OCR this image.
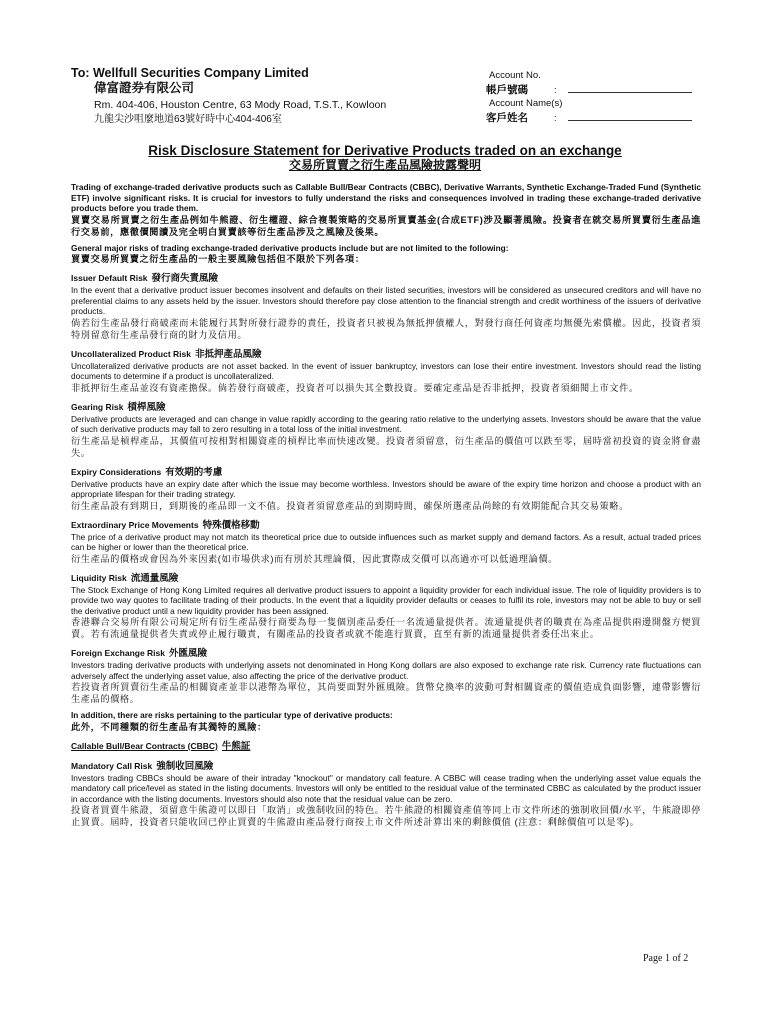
To: Wellfull Securities Company Limited
偉富證券有限公司
Rm. 404-406, Houston Centre, 63 Mody Road, T.S.T., Kowloon
九龍尖沙咀麼地道63號好時中心404-406室
Account No.
帳戶號碼	:
Account Name(s)
客戶姓名	:
Risk Disclosure Statement for Derivative Products traded on an exchange
交易所買賣之衍生產品風險披露聲明
Trading of exchange-traded derivative products such as Callable Bull/Bear Contracts (CBBC), Derivative Warrants, Synthetic Exchange-Traded Fund (Synthetic ETF) involve significant risks. It is crucial for investors to fully understand the risks and consequences involved in trading these exchange-traded derivative products before you trade them.
買賣交易所買賣之衍生產品例如牛熊證、衍生權證、綜合複製策略的交易所買賣基金(合成ETF)涉及顯著風險。投資者在就交易所買賣衍生產品進行交易前，應徹價閱讀及完全明白買賣該等衍生產品涉及之風險及後果。
General major risks of trading exchange-traded derivative products include but are not limited to the following:
買賣交易所買賣之衍生產品的一般主要風險包括但不限於下列各項：
Issuer Default Risk 發行商失責風險
In the event that a derivative product issuer becomes insolvent and defaults on their listed securities, investors will be considered as unsecured creditors and will have no preferential claims to any assets held by the issuer. Investors should therefore pay close attention to the financial strength and credit worthiness of the issuers of derivative products.
倘若衍生產品發行商破產而未能履行其對所發行證券的責任，投資者只被視為無抵押債權人，對發行商任何資產均無優先索償權。因此，投資者須特別留意衍生產品發行商的財力及信用。
Uncollateralized Product Risk 非抵押產品風險
Uncollateralized derivative products are not asset backed. In the event of issuer bankruptcy, investors can lose their entire investment. Investors should read the listing documents to determine if a product is uncollateralized.
非抵押衍生產品並沒有資產擔保。倘若發行商破產，投資者可以損失其全數投資。要確定產品是否非抵押，投資者須細閱上市文件。
Gearing Risk 槓桿風險
Derivative products are leveraged and can change in value rapidly according to the gearing ratio relative to the underlying assets. Investors should be aware that the value of such derivative products may fall to zero resulting in a total loss of the initial investment.
衍生產品是槓桿產品，其價值可按相對相關資產的槓桿比率而快速改變。投資者須留意，衍生產品的價值可以跌至零，屆時當初投資的資金將會盡失。
Expiry Considerations 有效期的考慮
Derivative products have an expiry date after which the issue may become worthless. Investors should be aware of the expiry time horizon and choose a product with an appropriate lifespan for their trading strategy.
衍生產品設有到期日，到期後的產品即一文不值。投資者須留意產品的到期時間，確保所選產品尚餘的有效期能配合其交易策略。
Extraordinary Price Movements 特殊價格移動
The price of a derivative product may not match its theoretical price due to outside influences such as market supply and demand factors. As a result, actual traded prices can be higher or lower than the theoretical price.
衍生產品的價格或會因為外來因素(如市場供求)而有別於其理論價，因此實際成交價可以高過亦可以低過理論價。
Liquidity Risk 流通量風險
The Stock Exchange of Hong Kong Limited requires all derivative product issuers to appoint a liquidity provider for each individual issue. The role of liquidity providers is to provide two way quotes to facilitate trading of their products. In the event that a liquidity provider defaults or ceases to fulfil its role, investors may not be able to buy or sell the derivative product until a new liquidity provider has been assigned.
香港聯合交易所有限公司規定所有衍生產品發行商要為每一隻個別產品委任一名流通量提供者。流通量提供者的職責在為產品提供兩邊開盤方便買賣。若有流通量提供者失責或停止履行職責，有關產品的投資者或就不能進行買賣，直至有新的流通量提供者委任出來止。
Foreign Exchange Risk 外匯風險
Investors trading derivative products with underlying assets not denominated in Hong Kong dollars are also exposed to exchange rate risk. Currency rate fluctuations can adversely affect the underlying asset value, also affecting the price of the derivative product.
若投資者所買賣衍生產品的相關資產並非以港幣為單位，其尚要面對外匯風險。貨幣兌換率的波動可對相關資產的價值造成負面影響，連帶影響衍生產品的價格。
In addition, there are risks pertaining to the particular type of derivative products:
此外，不同種類的衍生產品有其獨特的風險：
Callable Bull/Bear Contracts (CBBC) 牛熊証
Mandatory Call Risk 強制收回風險
Investors trading CBBCs should be aware of their intraday "knockout" or mandatory call feature. A CBBC will cease trading when the underlying asset value equals the mandatory call price/level as stated in the listing documents. Investors will only be entitled to the residual value of the terminated CBBC as calculated by the product issuer in accordance with the listing documents. Investors should also note that the residual value can be zero.
投資者買賣牛熊證，須留意牛熊證可以即日「取消」或強制收回的特色。若牛熊證的相關資產值等同上市文件所述的強制收回價/水平，牛熊證即停止買賣。屆時，投資者只能收回已停止買賣的牛熊證由產品發行商按上市文件所述計算出來的剩餘價值 (注意：剩餘價值可以是零)。
Page 1 of 2
